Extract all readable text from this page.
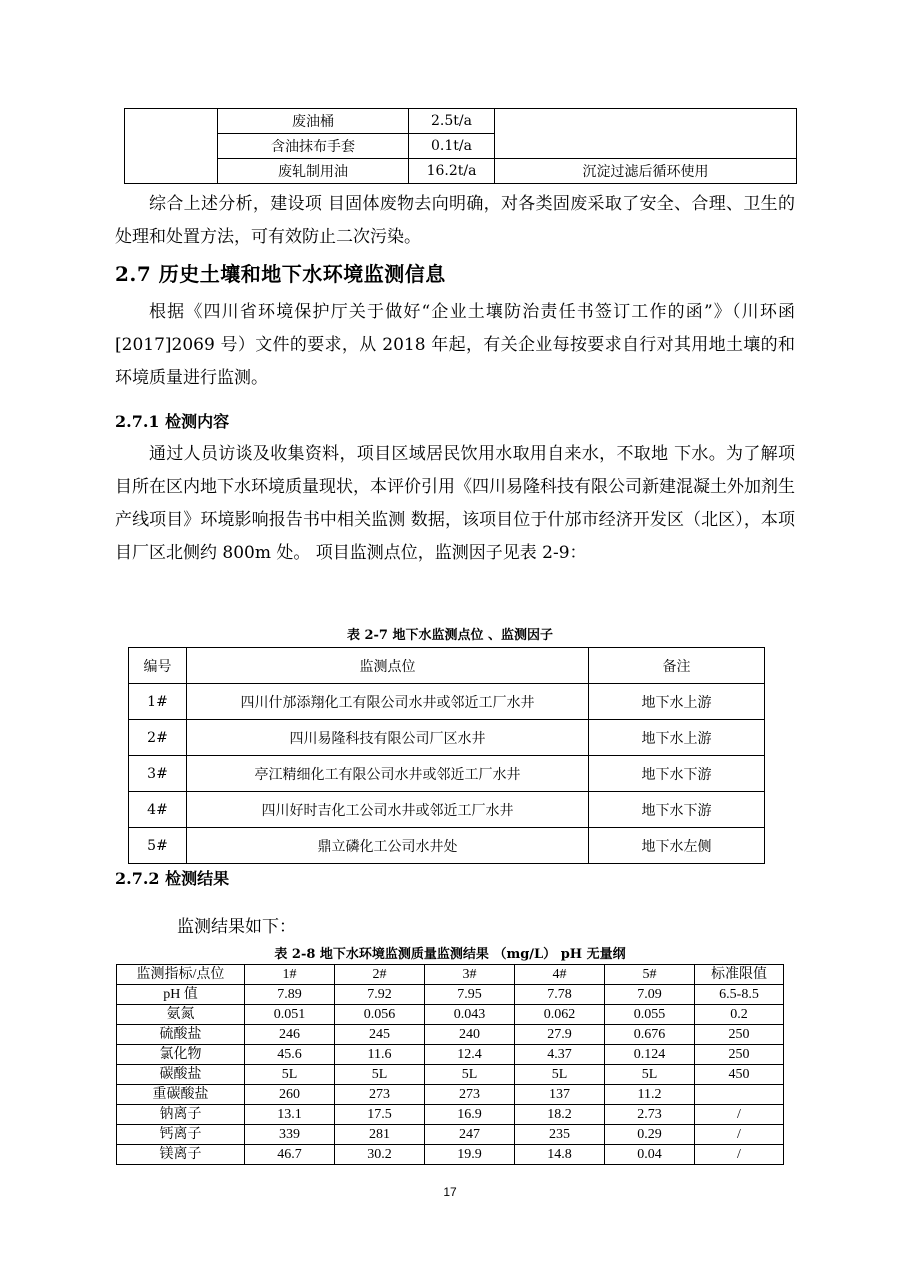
	废油桶	2.5t/a	
	含油抹布手套	0.1t/a	
	废轧制用油	16.2t/a	沉淀过滤后循环使用
综合上述分析，建设项 目固体废物去向明确，对各类固废采取了安全、合理、卫生的处理和处置方法，可有效防止二次污染。
2.7 历史土壤和地下水环境监测信息
根据《四川省环境保护厅关于做好“企业土壤防治责任书签订工作的函”》（川环函[2017]2069 号）文件的要求，从 2018 年起，有关企业每按要求自行对其用地土壤的和环境质量进行监测。
2.7.1 检测内容
通过人员访谈及收集资料，项目区域居民饮用水取用自来水，不取地 下水。为了解项目所在区内地下水环境质量现状，本评价引用《四川易隆科技有限公司新建混凝土外加剂生产线项目》环境影响报告书中相关监测 数据，该项目位于什邡市经济开发区（北区），本项目厂区北侧约 800m 处。 项目监测点位，监测因子见表 2-9：
表 2-7 地下水监测点位 、监测因子
编号	监测点位	备注
1#	四川什邡添翔化工有限公司水井或邻近工厂水井	地下水上游
2#	四川易隆科技有限公司厂区水井	地下水上游
3#	亭江精细化工有限公司水井或邻近工厂水井	地下水下游
4#	四川好时吉化工公司水井或邻近工厂水井	地下水下游
5#	鼎立磷化工公司水井处	地下水左侧
2.7.2 检测结果
监测结果如下：
表 2-8 地下水环境监测质量监测结果 （mg/L） pH 无量纲
监测指标/点位	1#	2#	3#	4#	5#	标准限值
pH 值	7.89	7.92	7.95	7.78	7.09	6.5-8.5
氨氮	0.051	0.056	0.043	0.062	0.055	0.2
硫酸盐	246	245	240	27.9	0.676	250
氯化物	45.6	11.6	12.4	4.37	0.124	250
碳酸盐	5L	5L	5L	5L	5L	450
重碳酸盐	260	273	273	137	11.2	
钠离子	13.1	17.5	16.9	18.2	2.73	/
钙离子	339	281	247	235	0.29	/
镁离子	46.7	30.2	19.9	14.8	0.04	/
17
